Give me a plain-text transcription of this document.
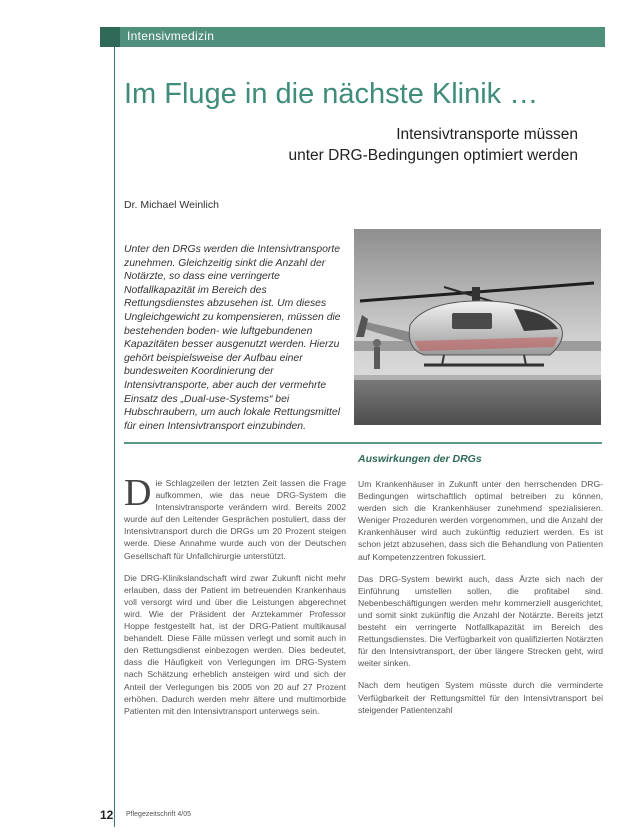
Intensivmedizin
Im Fluge in die nächste Klinik …
Intensivtransporte müssen
unter DRG-Bedingungen optimiert werden
Dr. Michael Weinlich

Unter den DRGs werden die Intensivtransporte zunehmen. Gleichzeitig sinkt die Anzahl der Notärzte, so dass eine verringerte Notfallkapazität im Bereich des Rettungsdienstes abzusehen ist. Um dieses Ungleichgewicht zu kompensieren, müssen die bestehenden boden- wie luftgebundenen Kapazitäten besser ausgenutzt werden. Hierzu gehört beispielsweise der Aufbau einer bundesweiten Koordinierung der Intensivtransporte, aber auch der vermehrte Einsatz des „Dual-use-Systems“ bei Hubschraubern, um auch lokale Rettungsmittel für einen Intensivtransport einzubinden.

Auswirkungen der DRGs

Die Schlagzeilen der letzten Zeit lassen die Frage aufkommen, wie das neue DRG-System die Intensivtransporte verändern wird. Bereits 2002 wurde auf den Leitender Gesprächen postuliert, dass der Intensivtransport durch die DRGs um 20 Prozent steigen werde. Diese Annahme wurde auch von der Deutschen Gesellschaft für Unfallchirurgie unterstützt.

Die DRG-Klinikslandschaft wird zwar Zukunft nicht mehr erlauben, dass der Patient im betreuenden Krankenhaus voll versorgt wird und über die Leistungen abgerechnet wird. Wie der Präsident der Arztekammer Professor Hoppe festgestellt hat, ist der DRG-Patient multikausal behandelt. Diese Fälle müssen verlegt und somit auch in den Rettungsdienst einbezogen werden. Dies bedeutet, dass die Häufigkeit von Verlegungen im DRG-System nach Schätzung erheblich ansteigen wird und sich der Anteil der Verlegungen bis 2005 von 20 auf 27 Prozent erhöhen. Dadurch werden mehr ältere und multimorbide Patienten mit den Intensivtransport unterwegs sein.

Um Krankenhäuser in Zukunft unter den herrschenden DRG-Bedingungen wirtschaftlich optimal betreiben zu können, werden sich die Krankenhäuser zunehmend spezialisieren. Weniger Prozeduren werden vorgenommen, und die Anzahl der Krankenhäuser wird auch zukünftig reduziert werden. Es ist schon jetzt abzusehen, dass sich die Behandlung von Patienten auf Kompetenzzentren fokussiert.

Das DRG-System bewirkt auch, dass Ärzte sich nach der Einführung umstellen sollen, die profitabel sind. Nebenbeschäftigungen werden mehr kommerziell ausgerichtet, und somit sinkt zukünftig die Anzahl der Notärzte. Bereits jetzt besteht ein verringerte Notfallkapazität im Bereich des Rettungsdienstes. Die Verfügbarkeit von qualifizierten Notärzten für den Intensivtransport, der über längere Strecken geht, wird weiter sinken.

Nach dem heutigen System müsste durch die verminderte Verfügbarkeit der Rettungsmittel für den Intensivtransport bei steigender Patientenzahl

12 Pflegezeitschrift 4/05
